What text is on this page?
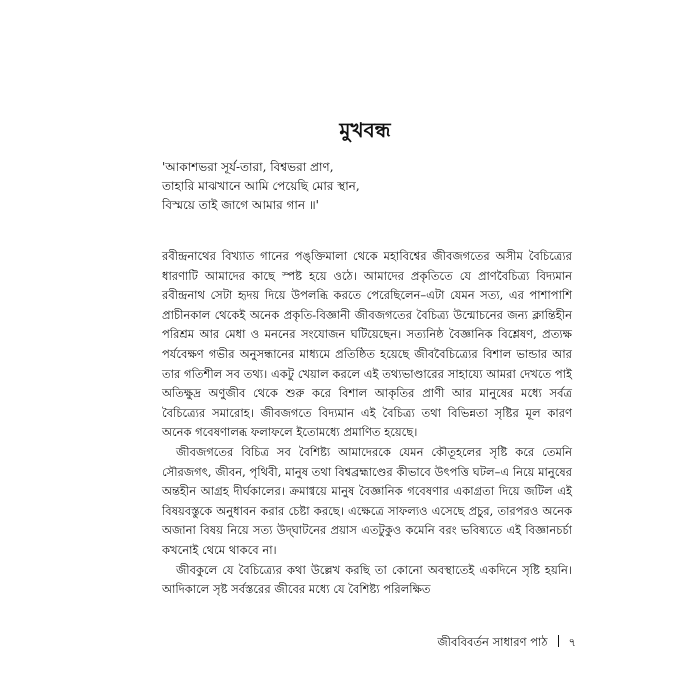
মুখবন্ধ
'আকাশভরা সূর্য-তারা, বিশ্বভরা প্রাণ,
তাহারি মাঝখানে আমি পেয়েছি মোর স্থান,
বিস্ময়ে তাই জাগে আমার গান ॥'

রবীন্দ্রনাথের বিখ্যাত গানের পঙ্‌ক্তিমালা থেকে মহাবিশ্বের জীবজগতের অসীম বৈচিত্র্যের ধারণাটি আমাদের কাছে স্পষ্ট হয়ে ওঠে। আমাদের প্রকৃতিতে যে প্রাণবৈচিত্র্য বিদ্যমান রবীন্দ্রনাথ সেটা হৃদয় দিয়ে উপলব্ধি করতে পেরেছিলেন–এটা যেমন সত্য, এর পাশাপাশি প্রাচীনকাল থেকেই অনেক প্রকৃতি-বিজ্ঞানী জীবজগতের বৈচিত্র্য উন্মোচনের জন্য ক্লান্তিহীন পরিশ্রম আর মেধা ও মননের সংযোজন ঘটিয়েছেন। সত্যনিষ্ঠ বৈজ্ঞানিক বিশ্লেষণ, প্রত্যক্ষ পর্যবেক্ষণ গভীর অনুসন্ধানের মাধ্যমে প্রতিষ্ঠিত হয়েছে জীববৈচিত্র্যের বিশাল ভান্ডার আর তার গতিশীল সব তথ্য। একটু খেয়াল করলে এই তথ্যভাণ্ডারের সাহায্যে আমরা দেখতে পাই অতিক্ষুদ্র অণুজীব থেকে শুরু করে বিশাল আকৃতির প্রাণী আর মানুষের মধ্যে সর্বত্র বৈচিত্র্যের সমারোহ। জীবজগতে বিদ্যমান এই বৈচিত্র্য তথা বিভিন্নতা সৃষ্টির মূল কারণ অনেক গবেষণালব্ধ ফলাফলে ইতোমধ্যে প্রমাণিত হয়েছে।

জীবজগতের বিচিত্র সব বৈশিষ্ট্য আমাদেরকে যেমন কৌতূহলের সৃষ্টি করে তেমনি সৌরজগৎ, জীবন, পৃথিবী, মানুষ তথা বিশ্বব্রহ্মাণ্ডের কীভাবে উৎপত্তি ঘটল–এ নিয়ে মানুষের অন্তহীন আগ্রহ দীর্ঘকালের। ক্রমাগ্বয়ে মানুষ বৈজ্ঞানিক গবেষণার একাগ্রতা দিয়ে জটিল এই বিষয়বস্তুকে অনুধাবন করার চেষ্টা করছে। এক্ষেত্রে সাফল্যও এসেছে প্রচুর, তারপরও অনেক অজানা বিষয় নিয়ে সত্য উদ্‌ঘাটনের প্রয়াস এতটুকুও কমেনি বরং ভবিষ্যতে এই বিজ্ঞানচর্চা কখনোই থেমে থাকবে না।

জীবকুলে যে বৈচিত্র্যের কথা উল্লেখ করছি তা কোনো অবস্থাতেই একদিনে সৃষ্টি হয়নি। আদিকালে সৃষ্ট সর্বস্তরের জীবের মধ্যে যে বৈশিষ্ট্য পরিলক্ষিত

জীববিবর্তন সাধারণ পাঠ ৭
